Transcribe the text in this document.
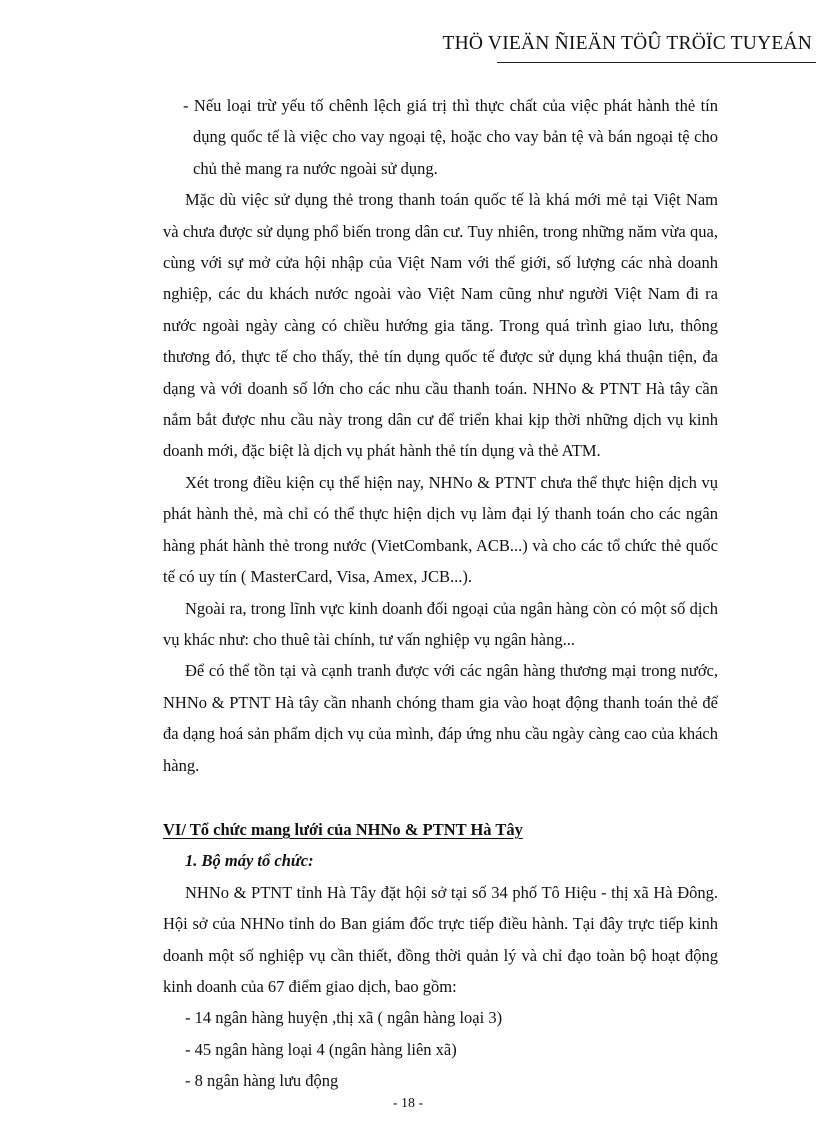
THÖ VIEÄN ÑIEÄN TÖÛ TRÖÏC TUYEÁN

- Nếu loại trừ yếu tố chênh lệch giá trị thì thực chất của việc phát hành thẻ tín dụng quốc tế là việc cho vay ngoại tệ, hoặc cho vay bản tệ và bán ngoại tệ cho chủ thẻ mang ra nước ngoài sử dụng.

Mặc dù việc sử dụng thẻ trong thanh toán quốc tế là khá mới mẻ tại Việt Nam và chưa được sử dụng phổ biến trong dân cư. Tuy nhiên, trong những năm vừa qua, cùng với sự mở cửa hội nhập của Việt Nam với thế giới, số lượng các nhà doanh nghiệp, các du khách nước ngoài vào Việt Nam cũng như người Việt Nam đi ra nước ngoài ngày càng có chiều hướng gia tăng. Trong quá trình giao lưu, thông thương đó, thực tế cho thấy, thẻ tín dụng quốc tế được sử dụng khá thuận tiện, đa dạng và với doanh số lớn cho các nhu cầu thanh toán. NHNo & PTNT Hà tây cần nắm bắt được nhu cầu này trong dân cư để triển khai kịp thời những dịch vụ kinh doanh mới, đặc biệt là dịch vụ phát hành thẻ tín dụng và thẻ ATM.

Xét trong điều kiện cụ thể hiện nay, NHNo & PTNT chưa thể thực hiện dịch vụ phát hành thẻ, mà chỉ có thể thực hiện dịch vụ làm đại lý thanh toán cho các ngân hàng phát hành thẻ trong nước (VietCombank, ACB...) và cho các tổ chức thẻ quốc tế có uy tín ( MasterCard, Visa, Amex, JCB...).

Ngoài ra, trong lĩnh vực kinh doanh đối ngoại của ngân hàng còn có một số dịch vụ khác như: cho thuê tài chính, tư vấn nghiệp vụ ngân hàng...

Để có thể tồn tại và cạnh tranh được với các ngân hàng thương mại trong nước, NHNo & PTNT Hà tây cần nhanh chóng tham gia vào hoạt động thanh toán thẻ để đa dạng hoá sản phẩm dịch vụ của mình, đáp ứng nhu cầu ngày càng cao của khách hàng.

VI/ Tổ chức mang lưới của NHNo & PTNT Hà Tây

1. Bộ máy tổ chức:

NHNo & PTNT tỉnh Hà Tây đặt hội sở tại số 34 phố Tô Hiệu - thị xã Hà Đông. Hội sở của NHNo tỉnh do Ban giám đốc trực tiếp điều hành. Tại đây trực tiếp kinh doanh một số nghiệp vụ cần thiết, đồng thời quản lý và chỉ đạo toàn bộ hoạt động kinh doanh của 67 điểm giao dịch, bao gồm:

- 14 ngân hàng huyện ,thị xã ( ngân hàng loại 3)

- 45 ngân hàng loại 4 (ngân hàng liên xã)

- 8 ngân hàng lưu động

- 18 -
